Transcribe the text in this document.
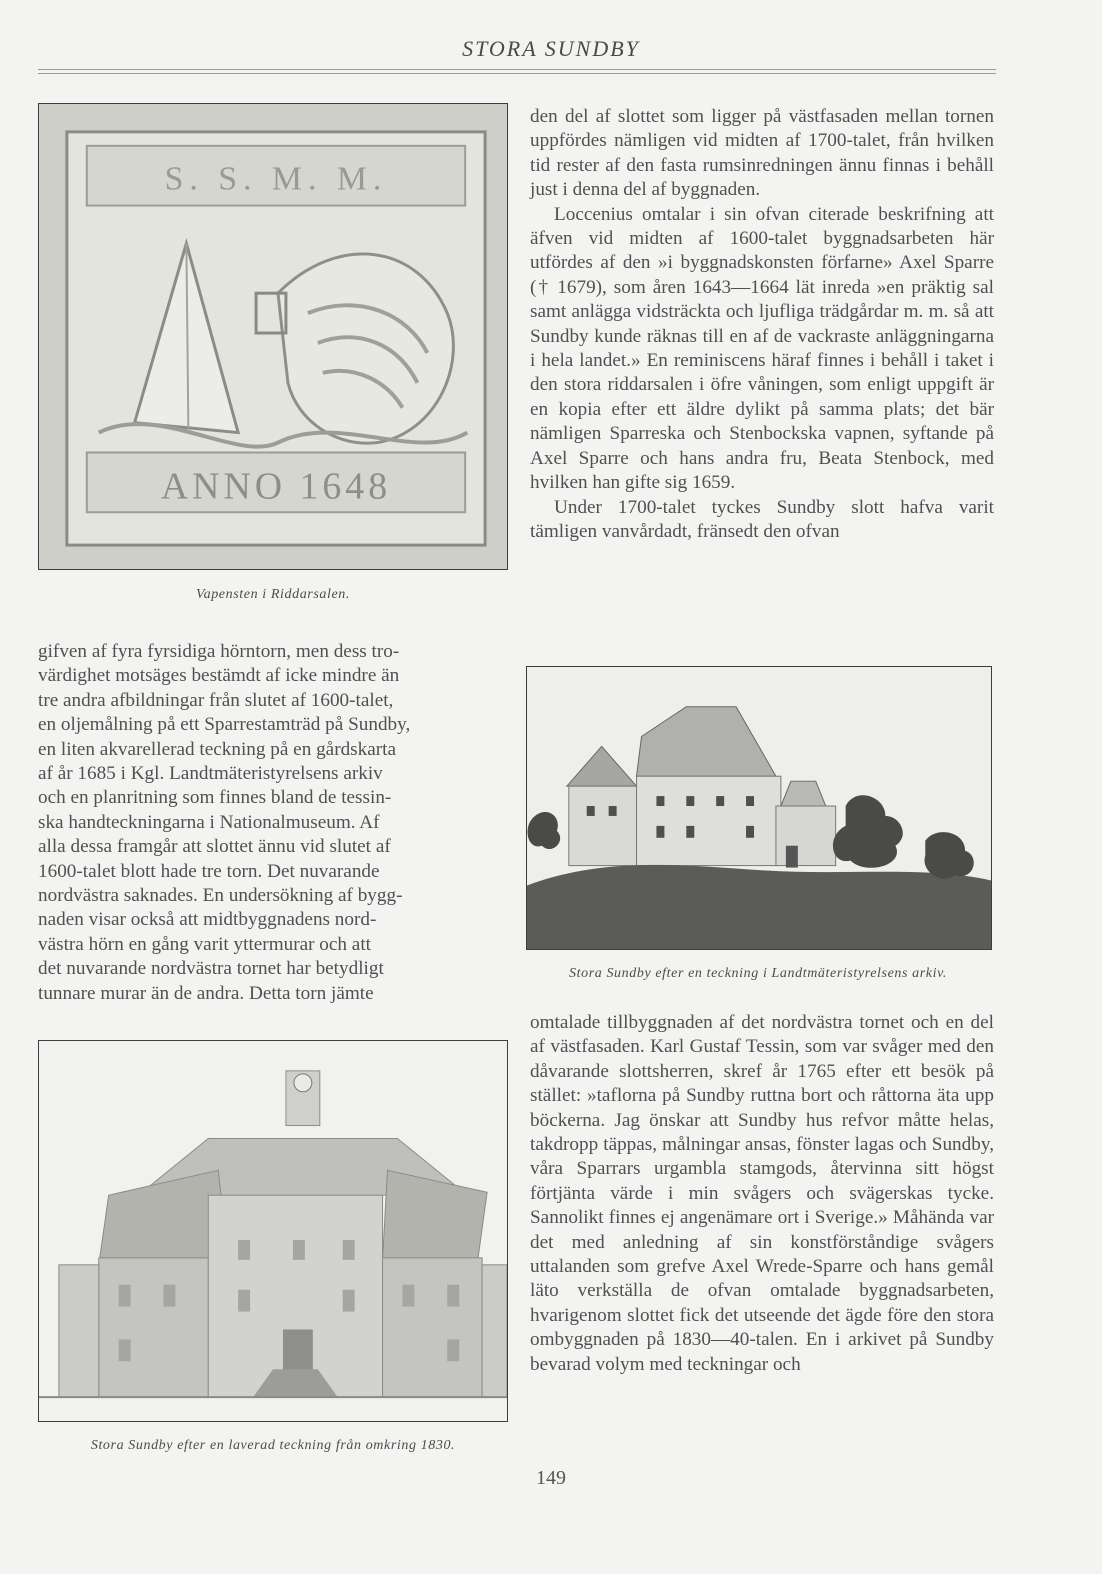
STORA SUNDBY
S. S. M. M.
ANNO 1648
Vapensten i Riddarsalen.
gifven af fyra fyrsidiga hörntorn, men dess tro-
värdighet motsäges bestämdt af icke mindre än
tre andra afbildningar från slutet af 1600-talet,
en oljemålning på ett Sparrestamträd på Sundby,
en liten akvarellerad teckning på en gårdskarta
af år 1685 i Kgl. Landtmäteristyrelsens arkiv
och en planritning som finnes bland de tessin-
ska handteckningarna i Nationalmuseum. Af
alla dessa framgår att slottet ännu vid slutet af
1600-talet blott hade tre torn. Det nuvarande
nordvästra saknades. En undersökning af bygg-
naden visar också att midtbyggnadens nord-
västra hörn en gång varit yttermurar och att
det nuvarande nordvästra tornet har betydligt
tunnare murar än de andra. Detta torn jämte
Stora Sundby efter en laverad teckning från omkring 1830.

den del af slottet som ligger på västfasaden mellan tornen uppfördes nämligen vid midten af 1700-talet, från hvilken tid rester af den fasta rumsinredningen ännu finnas i behåll just i denna del af byggnaden.

Loccenius omtalar i sin ofvan citerade beskrifning att äfven vid midten af 1600-talet byggnadsarbeten här utfördes af den »i byggnadskonsten förfarne» Axel Sparre († 1679), som åren 1643—1664 lät inreda »en präktig sal samt anlägga vidsträckta och ljufliga trädgårdar m. m. så att Sundby kunde räknas till en af de vackraste anläggningarna i hela landet.» En reminiscens häraf finnes i behåll i taket i den stora riddarsalen i öfre våningen, som enligt uppgift är en kopia efter ett äldre dylikt på samma plats; det bär nämligen Sparreska och Stenbockska vapnen, syftande på Axel Sparre och hans andra fru, Beata Stenbock, med hvilken han gifte sig 1659.

Under 1700-talet tyckes Sundby slott hafva varit tämligen vanvårdadt, fränsedt den ofvan

Stora Sundby efter en teckning i Landtmäteristyrelsens arkiv.

omtalade tillbyggnaden af det nordvästra tornet och en del af västfasaden. Karl Gustaf Tessin, som var svåger med den dåvarande slottsherren, skref år 1765 efter ett besök på stället: »taflorna på Sundby ruttna bort och råttorna äta upp böckerna. Jag önskar att Sundby hus refvor måtte helas, takdropp täppas, målningar ansas, fönster lagas och Sundby, våra Sparrars urgambla stamgods, återvinna sitt högst förtjänta värde i min svågers och svägerskas tycke. Sannolikt finnes ej angenämare ort i Sverige.» Måhända var det med anledning af sin konstförståndige svågers uttalanden som grefve Axel Wrede-Sparre och hans gemål läto verkställa de ofvan omtalade byggnadsarbeten, hvarigenom slottet fick det utseende det ägde före den stora ombyggnaden på 1830—40-talen. En i arkivet på Sundby bevarad volym med teckningar och

149
